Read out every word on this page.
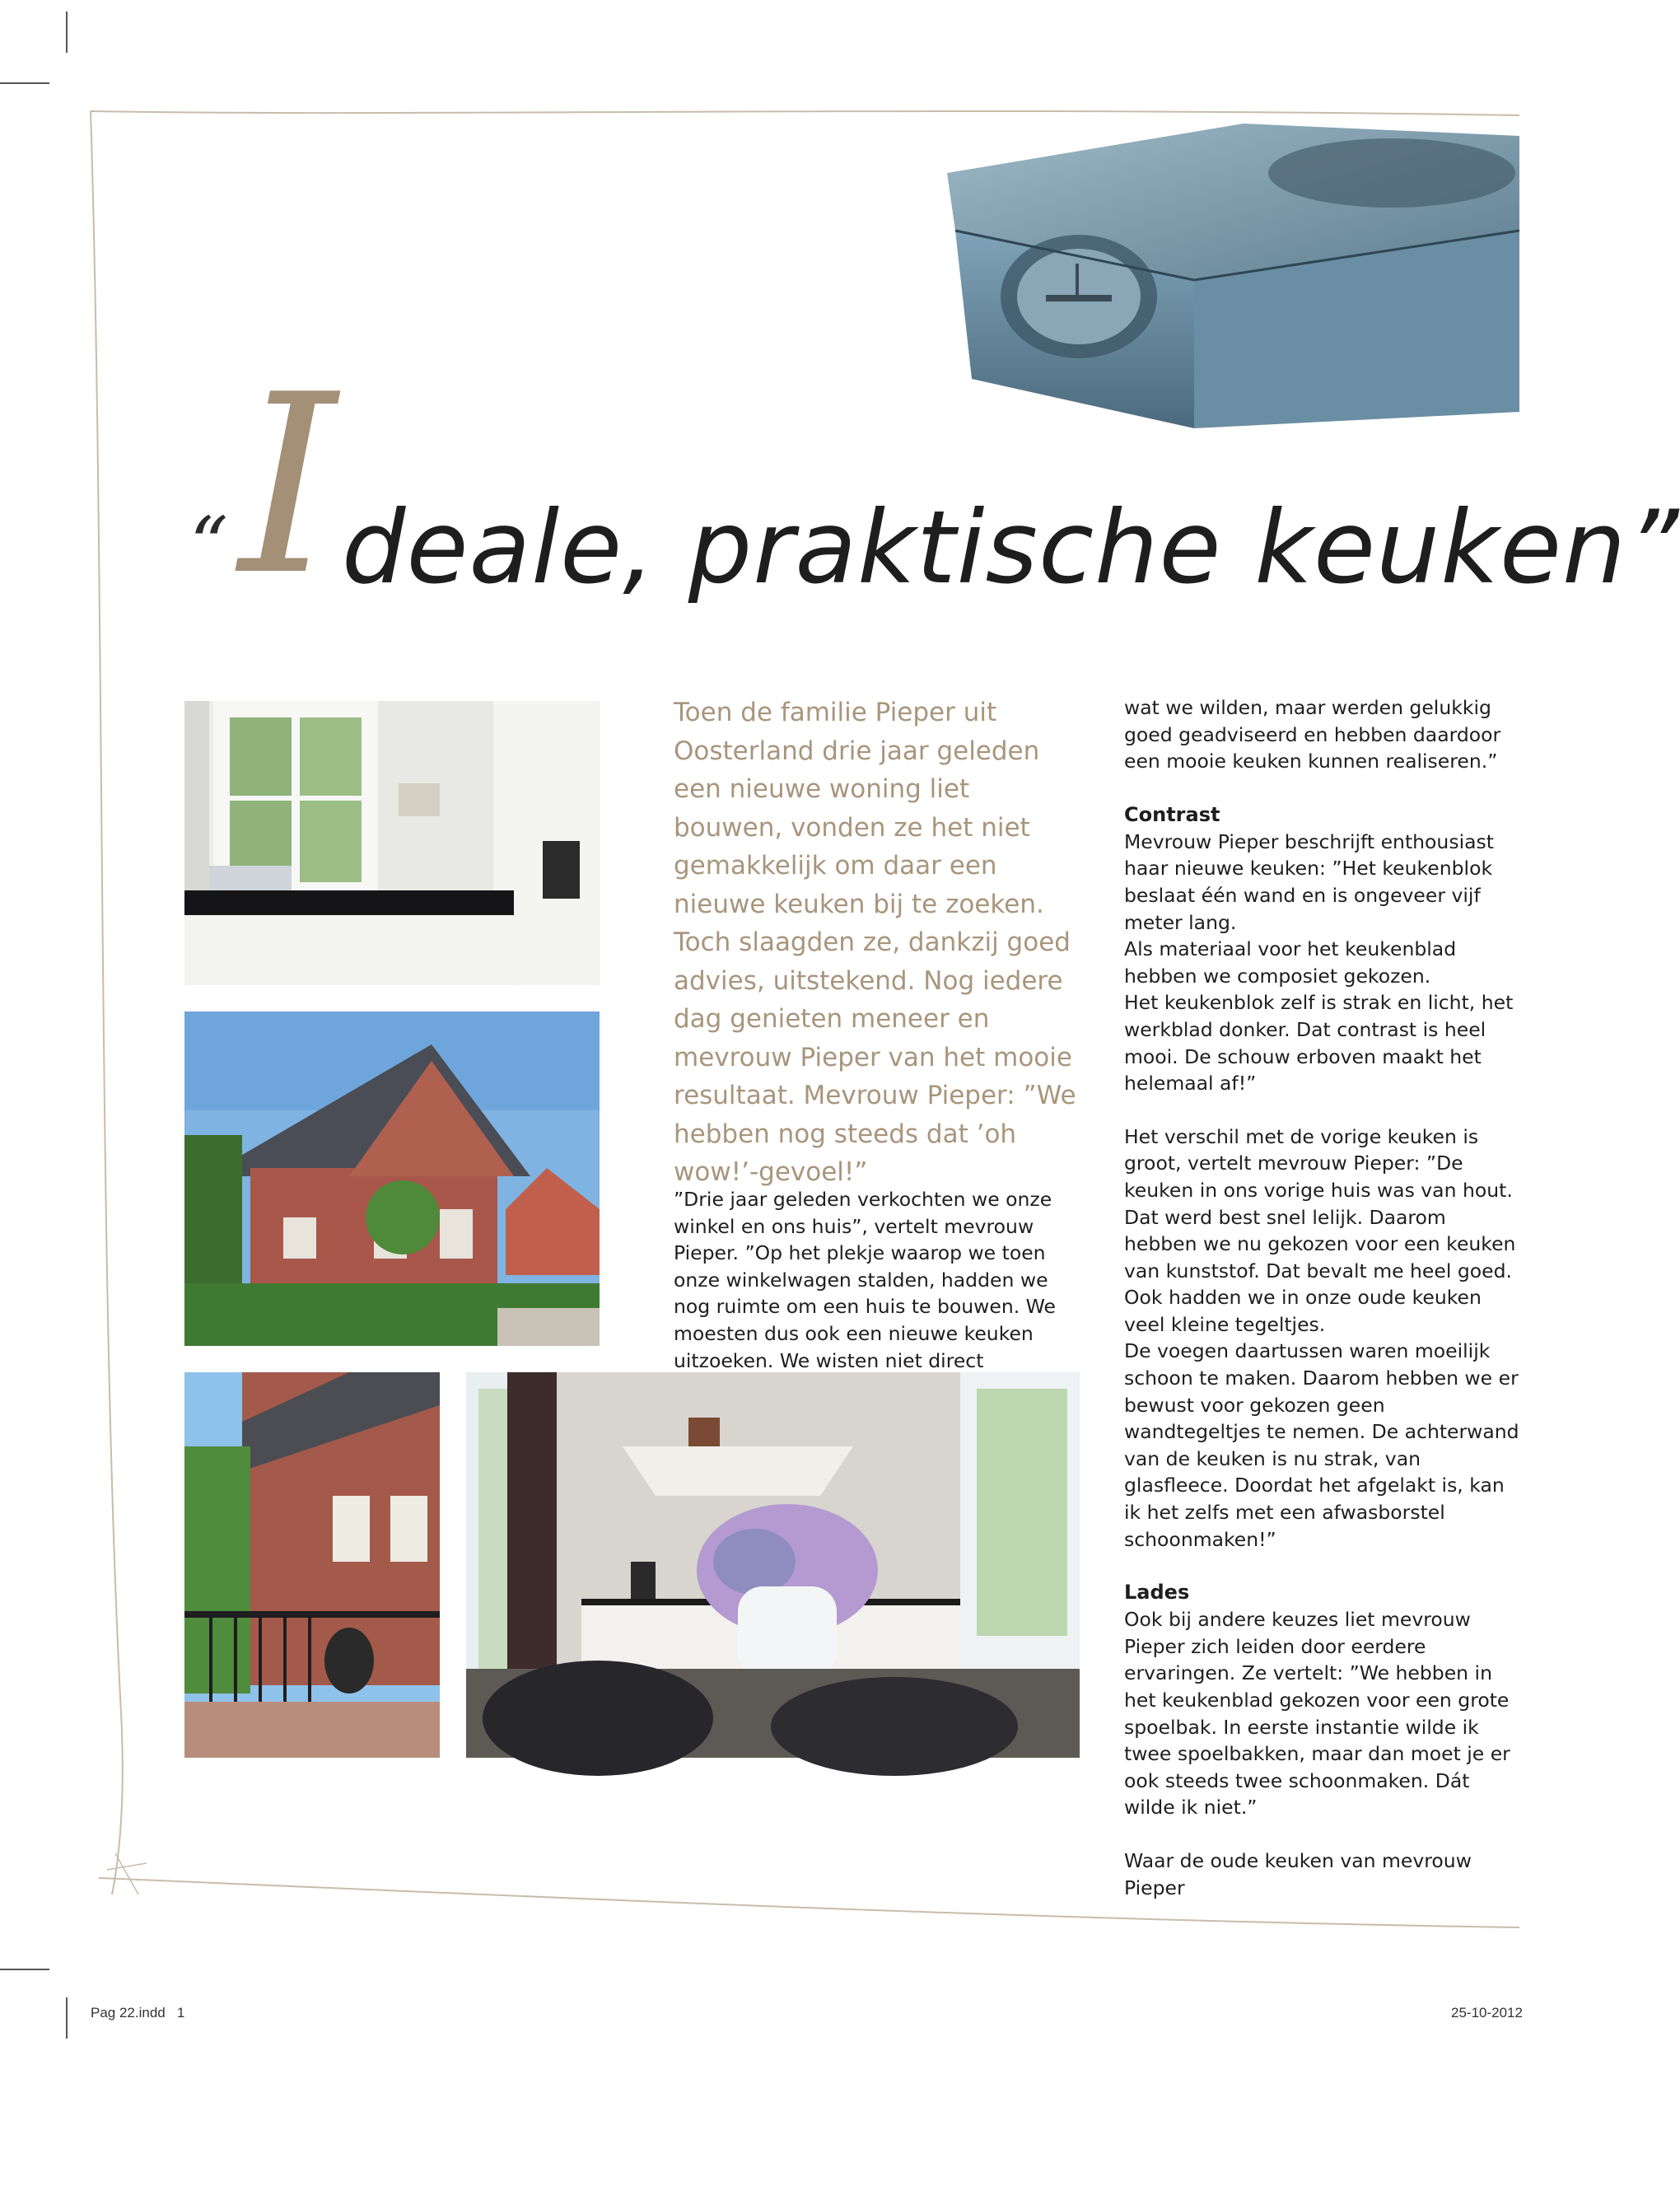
“ I deale, praktische keuken”
Toen de familie Pieper uit Oosterland drie jaar geleden een nieuwe woning liet bouwen, vonden ze het niet gemakkelijk om daar een nieuwe keuken bij te zoeken. Toch slaagden ze, dankzij goed advies, uitstekend. Nog iedere dag genieten meneer en mevrouw Pieper van het mooie resultaat. Mevrouw Pieper: ”We hebben nog steeds dat ’oh wow!’-gevoel!”

”Drie jaar geleden verkochten we onze winkel en ons huis”, vertelt mevrouw Pieper. ”Op het plekje waarop we toen onze winkelwagen stalden, hadden we nog ruimte om een huis te bouwen. We moesten dus ook een nieuwe keuken uitzoeken. We wisten niet direct

wat we wilden, maar werden gelukkig goed geadviseerd en hebben daardoor een mooie keuken kunnen realiseren.”

Contrast

Mevrouw Pieper beschrijft enthousiast haar nieuwe keuken: ”Het keukenblok beslaat één wand en is ongeveer vijf meter lang.

Als materiaal voor het keukenblad hebben we composiet gekozen.

Het keukenblok zelf is strak en licht, het werkblad donker. Dat contrast is heel mooi. De schouw erboven maakt het helemaal af!”

Het verschil met de vorige keuken is groot, vertelt mevrouw Pieper: ”De keuken in ons vorige huis was van hout. Dat werd best snel lelijk. Daarom hebben we nu gekozen voor een keuken van kunststof. Dat bevalt me heel goed. Ook hadden we in onze oude keuken veel kleine tegeltjes.

De voegen daartussen waren moeilijk schoon te maken. Daarom hebben we er bewust voor gekozen geen wandtegeltjes te nemen. De achterwand van de keuken is nu strak, van glasfleece. Doordat het afgelakt is, kan ik het zelfs met een afwasborstel schoonmaken!”

Lades

Ook bij andere keuzes liet mevrouw Pieper zich leiden door eerdere ervaringen. Ze vertelt: ”We hebben in het keukenblad gekozen voor een grote spoelbak. In eerste instantie wilde ik twee spoelbakken, maar dan moet je er ook steeds twee schoonmaken. Dát wilde ik niet.”

Waar de oude keuken van mevrouw Pieper

Pag 22.indd   1	25-10-2012
